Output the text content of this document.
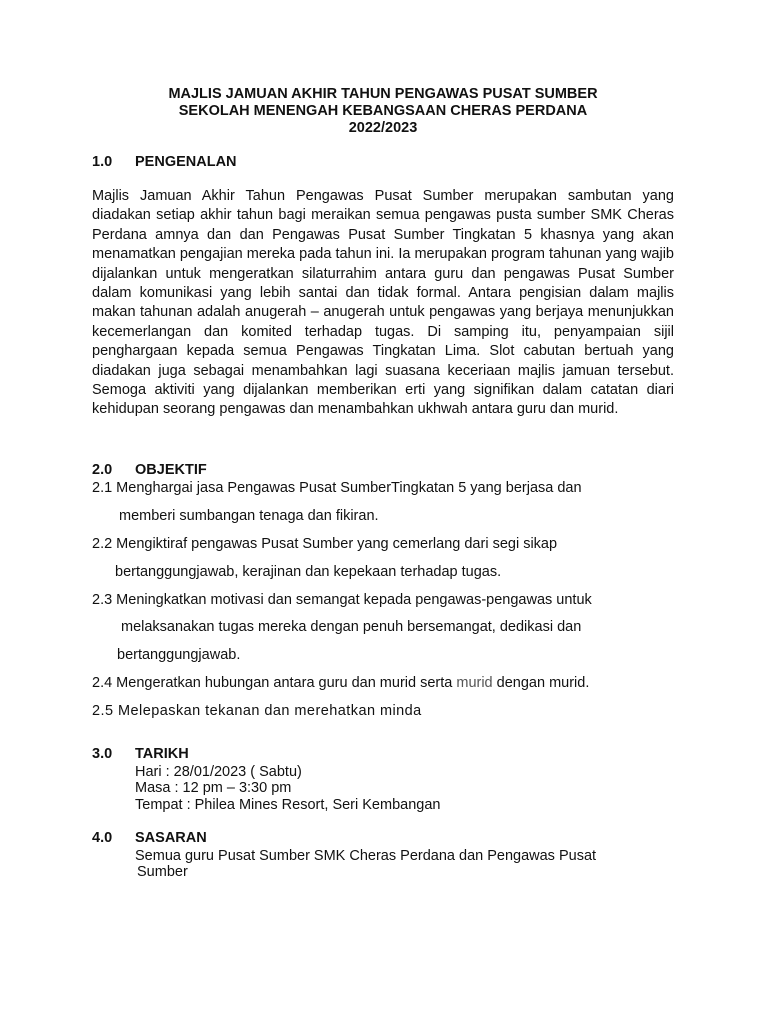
MAJLIS JAMUAN AKHIR TAHUN PENGAWAS PUSAT SUMBER
SEKOLAH MENENGAH KEBANGSAAN CHERAS PERDANA
2022/2023
1.0 PENGENALAN
Majlis Jamuan Akhir Tahun Pengawas Pusat Sumber merupakan sambutan yang diadakan setiap akhir tahun bagi meraikan semua pengawas pusta sumber SMK Cheras Perdana amnya dan dan Pengawas Pusat Sumber Tingkatan 5 khasnya yang akan menamatkan pengajian mereka pada tahun ini. Ia merupakan program tahunan yang wajib dijalankan untuk mengeratkan silaturrahim antara guru dan pengawas Pusat Sumber dalam komunikasi yang lebih santai dan tidak formal. Antara pengisian dalam majlis makan tahunan adalah anugerah – anugerah untuk pengawas yang berjaya menunjukkan kecemerlangan dan komited terhadap tugas. Di samping itu, penyampaian sijil penghargaan kepada semua Pengawas Tingkatan Lima. Slot cabutan bertuah yang diadakan juga sebagai menambahkan lagi suasana keceriaan majlis jamuan tersebut. Semoga aktiviti yang dijalankan memberikan erti yang signifikan dalam catatan diari kehidupan seorang pengawas dan menambahkan ukhwah antara guru dan murid.
2.0 OBJEKTIF
2.1 Menghargai jasa Pengawas Pusat SumberTingkatan 5 yang berjasa dan
memberi sumbangan tenaga dan fikiran.
2.2 Mengiktiraf pengawas Pusat Sumber yang cemerlang dari segi sikap
bertanggungjawab, kerajinan dan kepekaan terhadap tugas.
2.3 Meningkatkan motivasi dan semangat kepada pengawas-pengawas untuk
melaksanakan tugas mereka dengan penuh bersemangat, dedikasi dan
bertanggungjawab.
2.4 Mengeratkan hubungan antara guru dan murid serta murid dengan murid.
2.5 Melepaskan tekanan dan merehatkan minda
3.0 TARIKH
Hari : 28/01/2023 ( Sabtu)
Masa : 12 pm – 3:30 pm
Tempat : Philea Mines Resort, Seri Kembangan
4.0 SASARAN
Semua guru Pusat Sumber SMK Cheras Perdana dan Pengawas Pusat
Sumber
